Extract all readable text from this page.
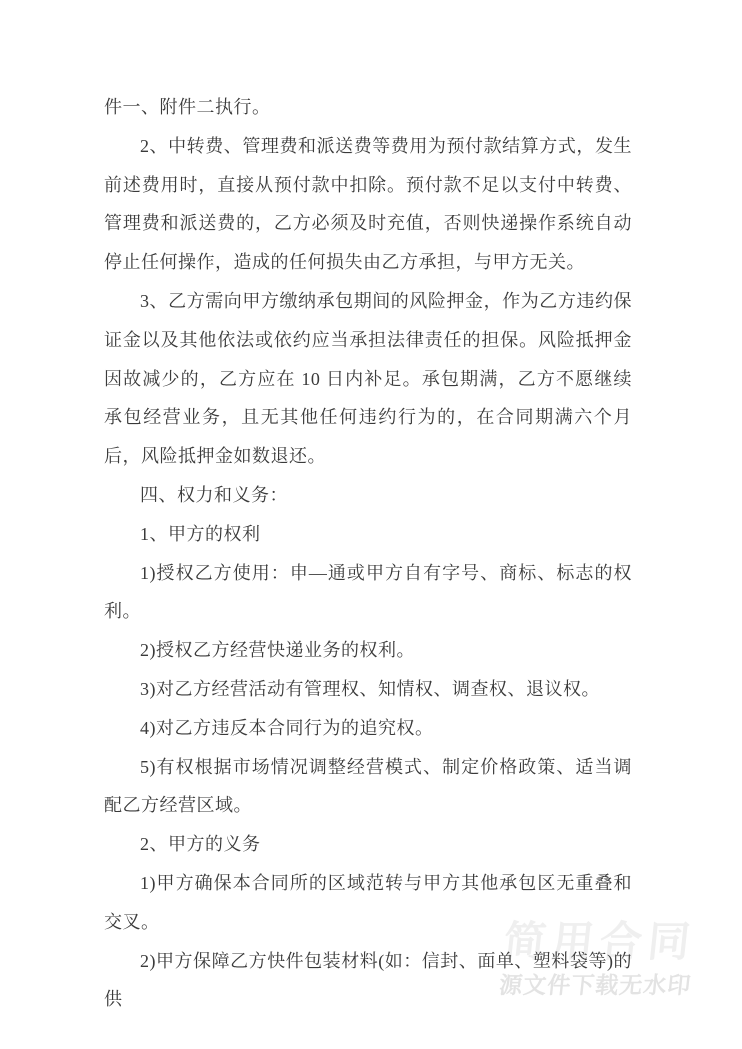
简用合同
源文件下载无水印

件一、附件二执行。

2、中转费、管理费和派送费等费用为预付款结算方式，发生前述费用时，直接从预付款中扣除。预付款不足以支付中转费、管理费和派送费的，乙方必须及时充值，否则快递操作系统自动停止任何操作，造成的任何损失由乙方承担，与甲方无关。

3、乙方需向甲方缴纳承包期间的风险押金，作为乙方违约保证金以及其他依法或依约应当承担法律责任的担保。风险抵押金因故减少的，乙方应在 10 日内补足。承包期满，乙方不愿继续承包经营业务，且无其他任何违约行为的，在合同期满六个月后，风险抵押金如数退还。

四、权力和义务：

1、甲方的权利

1)授权乙方使用：申—通或甲方自有字号、商标、标志的权利。

2)授权乙方经营快递业务的权利。

3)对乙方经营活动有管理权、知情权、调查权、退议权。

4)对乙方违反本合同行为的追究权。

5)有权根据市场情况调整经营模式、制定价格政策、适当调配乙方经营区域。

2、甲方的义务

1)甲方确保本合同所的区域范转与甲方其他承包区无重叠和交叉。

2)甲方保障乙方快件包装材料(如：信封、面单、塑料袋等)的供
